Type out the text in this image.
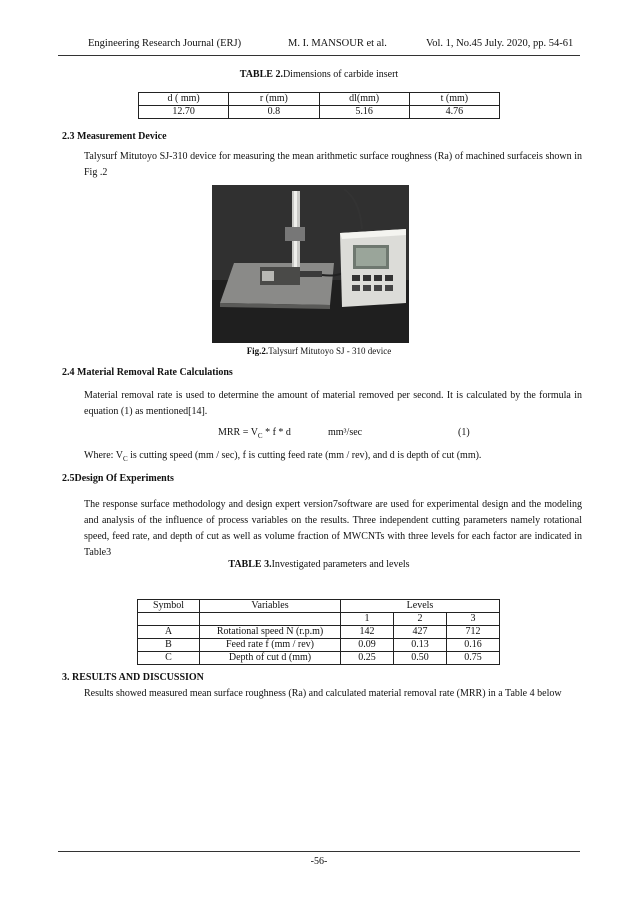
Engineering Research Journal (ERJ)	M. I. MANSOUR et al.	Vol. 1, No.45 July. 2020, pp. 54-61
TABLE 2.Dimensions of carbide insert
d ( mm)	r (mm)	dl(mm)	t (mm)
12.70	0.8	5.16	4.76
2.3 Measurement Device
Talysurf Mitutoyo SJ-310 device for measuring the mean arithmetic surface roughness (Ra) of machined surfaceis shown in Fig .2
Fig.2.Talysurf Mitutoyo SJ - 310 device
2.4 Material Removal Rate Calculations
Material removal rate is used to determine the amount of material removed per second. It is calculated by the formula in equation (1) as mentioned[14].
MRR = $V_C$ * f * d	mm³/sec	(1)
Where: $V_C$ is cutting speed (mm / sec), f is cutting feed rate (mm / rev), and d is depth of cut (mm).
2.5Design Of Experiments
The response surface methodology and design expert version7software are used for experimental design and the modeling and analysis of the influence of process variables on the results. Three independent cutting parameters namely rotational speed, feed rate, and depth of cut as well as volume fraction of MWCNTs with three levels for each factor are indicated in Table3
TABLE 3.Investigated parameters and levels
Symbol	Variables	Levels		
		1	2	3
A	Rotational speed N (r.p.m)	142	427	712
B	Feed rate f (mm / rev)	0.09	0.13	0.16
C	Depth of cut d (mm)	0.25	0.50	0.75
3. RESULTS AND DISCUSSION
Results showed measured mean surface roughness (Ra) and calculated material removal rate (MRR) in a Table 4 below
-56-
